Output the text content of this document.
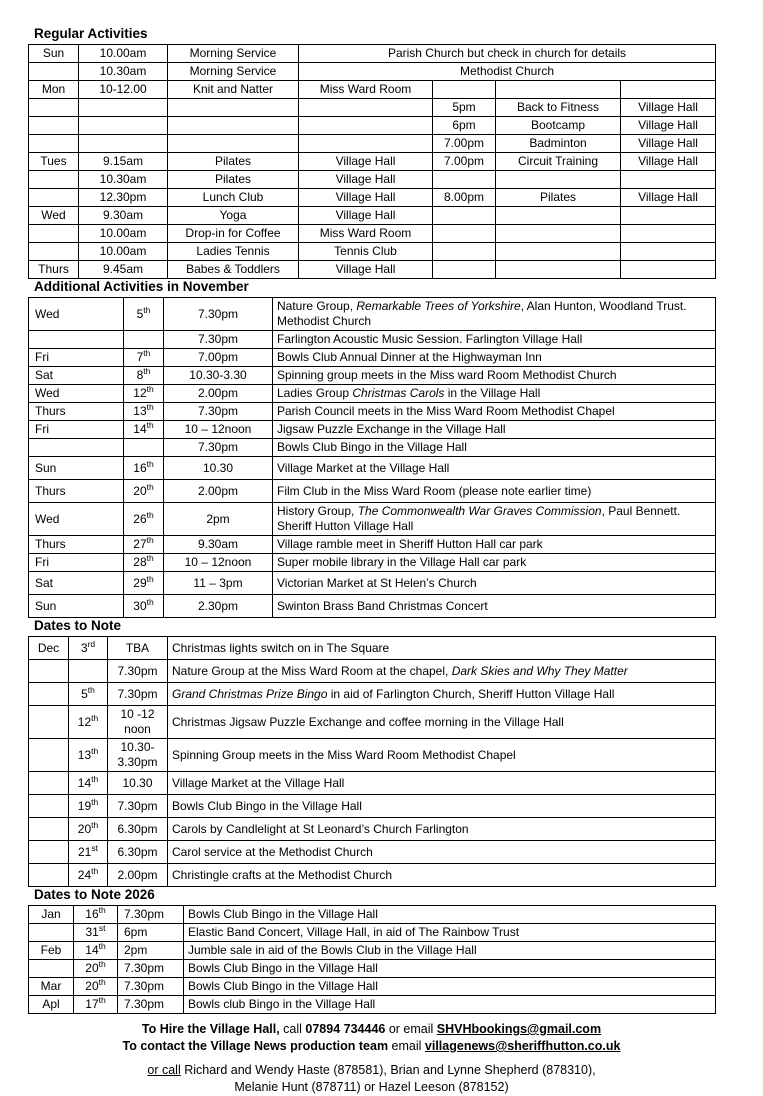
Regular Activities
Sun	10.00am	Morning Service	Parish Church but check in church for details			
	10.30am	Morning Service	Methodist Church			
Mon	10-12.00	Knit and Natter	Miss Ward Room			
				5pm	Back to Fitness	Village Hall
				6pm	Bootcamp	Village Hall
				7.00pm	Badminton	Village Hall
Tues	9.15am	Pilates	Village Hall	7.00pm	Circuit Training	Village Hall
	10.30am	Pilates	Village Hall			
	12.30pm	Lunch Club	Village Hall	8.00pm	Pilates	Village Hall
Wed	9.30am	Yoga	Village Hall			
	10.00am	Drop-in for Coffee	Miss Ward Room			
	10.00am	Ladies Tennis	Tennis Club			
Thurs	9.45am	Babes & Toddlers	Village Hall			
Additional Activities in November
Wed	5th	7.30pm	Nature Group, Remarkable Trees of Yorkshire, Alan Hunton, Woodland Trust. Methodist Church
		7.30pm	Farlington Acoustic Music Session. Farlington Village Hall
Fri	7th	7.00pm	Bowls Club Annual Dinner at the Highwayman Inn
Sat	8th	10.30-3.30	Spinning group meets in the Miss ward Room Methodist Church
Wed	12th	2.00pm	Ladies Group Christmas Carols in the Village Hall
Thurs	13th	7.30pm	Parish Council meets in the Miss Ward Room Methodist Chapel
Fri	14th	10 – 12noon	Jigsaw Puzzle Exchange in the Village Hall
		7.30pm	Bowls Club Bingo in the Village Hall
Sun	16th	10.30	Village Market at the Village Hall
Thurs	20th	2.00pm	Film Club in the Miss Ward Room (please note earlier time)
Wed	26th	2pm	History Group, The Commonwealth War Graves Commission, Paul Bennett. Sheriff Hutton Village Hall
Thurs	27th	9.30am	Village ramble meet in Sheriff Hutton Hall car park
Fri	28th	10 – 12noon	Super mobile library in the Village Hall car park
Sat	29th	11 – 3pm	Victorian Market at St Helen’s Church
Sun	30th	2.30pm	Swinton Brass Band Christmas Concert
Dates to Note
Dec	3rd	TBA	Christmas lights switch on in The Square
		7.30pm	Nature Group at the Miss Ward Room at the chapel, Dark Skies and Why They Matter
	5th	7.30pm	Grand Christmas Prize Bingo in aid of Farlington Church, Sheriff Hutton Village Hall
	12th	10 -12 noon	Christmas Jigsaw Puzzle Exchange and coffee morning in the Village Hall
	13th	10.30-3.30pm	Spinning Group meets in the Miss Ward Room Methodist Chapel
	14th	10.30	Village Market at the Village Hall
	19th	7.30pm	Bowls Club Bingo in the Village Hall
	20th	6.30pm	Carols by Candlelight at St Leonard’s Church Farlington
	21st	6.30pm	Carol service at the Methodist Church
	24th	2.00pm	Christingle crafts at the Methodist Church
Dates to Note 2026
Jan	16th	7.30pm	Bowls Club Bingo in the Village Hall
	31st	6pm	Elastic Band Concert, Village Hall, in aid of The Rainbow Trust
Feb	14th	2pm	Jumble sale in aid of the Bowls Club in the Village Hall
	20th	7.30pm	Bowls Club Bingo in the Village Hall
Mar	20th	7.30pm	Bowls Club Bingo in the Village Hall
Apl	17th	7.30pm	Bowls club Bingo in the Village Hall

To Hire the Village Hall, call 07894 734446 or email SHVHbookings@gmail.com

To contact the Village News production team email villagenews@sheriffhutton.co.uk

or call Richard and Wendy Haste (878581), Brian and Lynne Shepherd (878310),

Melanie Hunt (878711) or Hazel Leeson (878152)
